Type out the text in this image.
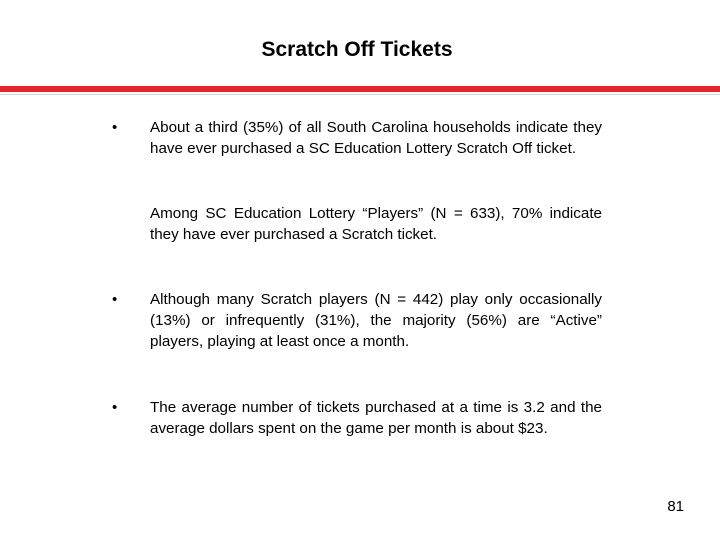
Scratch Off Tickets
• About a third (35%) of all South Carolina households indicate they have ever purchased a SC Education Lottery Scratch Off ticket.
Among SC Education Lottery “Players” (N = 633), 70% indicate they have ever purchased a Scratch ticket.
• Although many Scratch players (N = 442) play only occasionally (13%) or infrequently (31%), the majority (56%) are “Active” players, playing at least once a month.
• The average number of tickets purchased at a time is 3.2 and the average dollars spent on the game per month is about $23.
81
